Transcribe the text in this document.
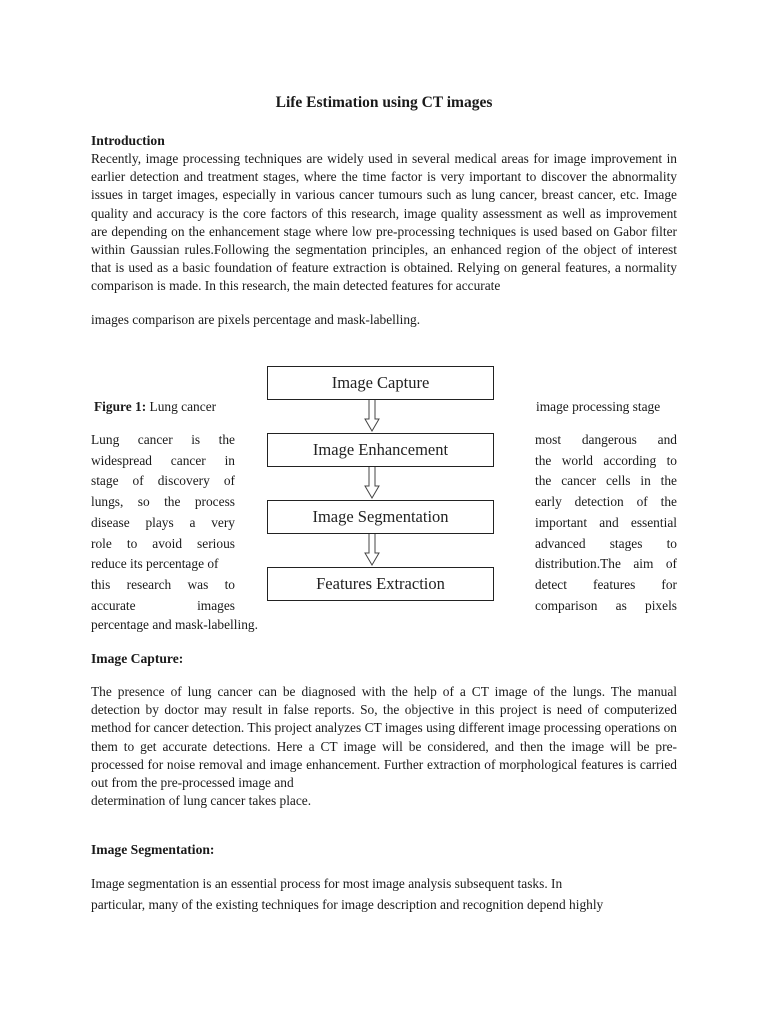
Life Estimation using CT images
Introduction

Recently, image processing techniques are widely used in several medical areas for image improvement in earlier detection and treatment stages, where the time factor is very important to discover the abnormality issues in target images, especially in various cancer tumours such as lung cancer, breast cancer, etc. Image quality and accuracy is the core factors of this research, image quality assessment as well as improvement are depending on the enhancement stage where low pre-processing techniques is used based on Gabor filter within Gaussian rules.Following the segmentation principles, an enhanced region of the object of interest that is used as a basic foundation of feature extraction is obtained. Relying on general features, a normality comparison is made. In this research, the main detected features for accurate

images comparison are pixels percentage and mask-labelling.

Image Capture
Image Enhancement
Image Segmentation
Features Extraction
Figure 1: Lung cancer	image processing stage
Lung cancer is the
widespread cancer in
stage of discovery of
lungs, so the process
disease plays a very
role to avoid serious
reduce its percentage of
this research was to
accurate images
most dangerous and
the world according to
the cancer cells in the
early detection of the
important and essential
advanced stages to
distribution.The aim of
detect features for
comparison as pixels
percentage and mask-labelling.
Image Capture:

The presence of lung cancer can be diagnosed with the help of a CT image of the lungs. The manual detection by doctor may result in false reports. So, the objective in this project is need of computerized method for cancer detection. This project analyzes CT images using different image processing operations on them to get accurate detections. Here a CT image will be considered, and then the image will be pre-processed for noise removal and image enhancement. Further extraction of morphological features is carried out from the pre-processed image and

determination of lung cancer takes place.

Image Segmentation:

Image segmentation is an essential process for most image analysis subsequent tasks. In

particular, many of the existing techniques for image description and recognition depend highly
